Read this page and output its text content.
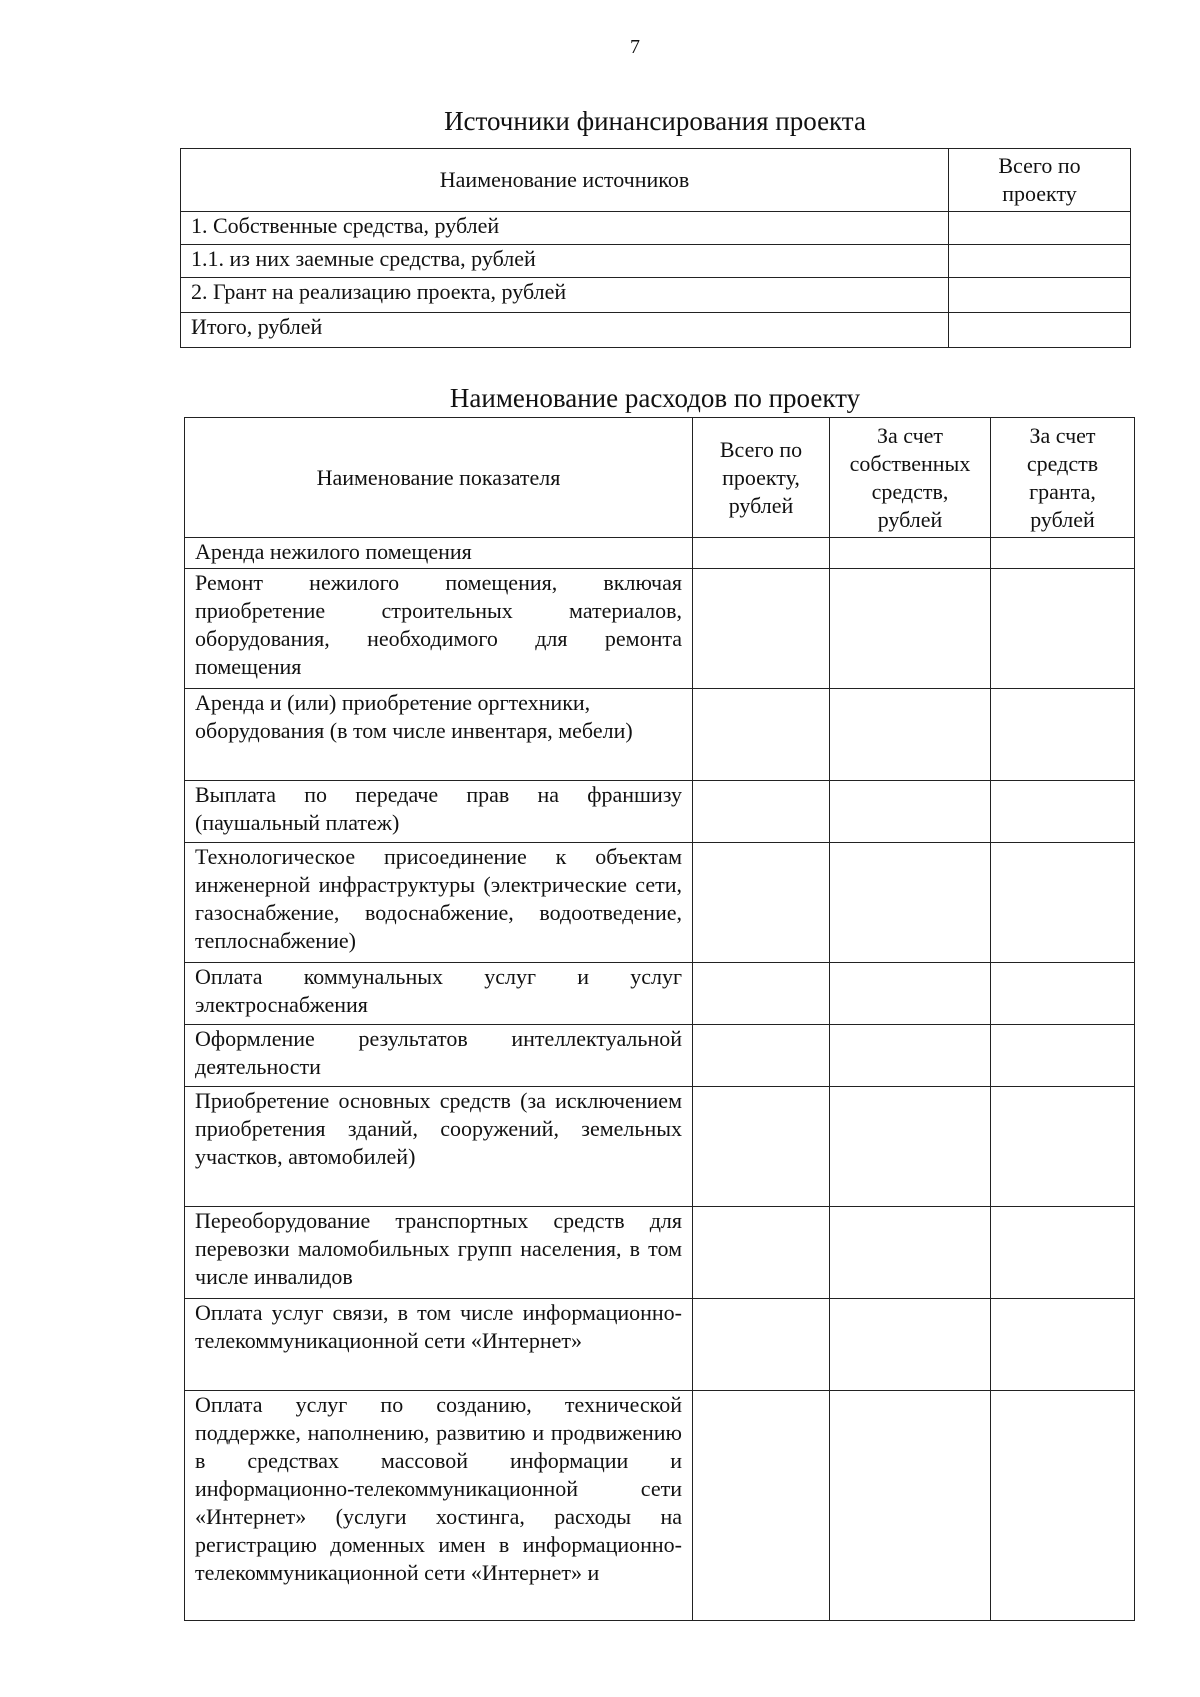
7
Источники финансирования проекта
Наименование источников	Всего по проекту
1. Собственные средства, рублей	
1.1. из них заемные средства, рублей	
2. Грант на реализацию проекта, рублей	
Итого, рублей	
Наименование расходов по проекту
Наименование показателя	Всего по проекту, рублей	За счет собственных средств, рублей	За счет средств гранта, рублей
Аренда нежилого помещения			
Ремонт нежилого помещения, включая приобретение строительных материалов, оборудования, необходимого для ремонта помещения			
Аренда и (или) приобретение оргтехники, оборудования (в том числе инвентаря, мебели)			
Выплата по передаче прав на франшизу (паушальный платеж)			
Технологическое присоединение к объектам инженерной инфраструктуры (электрические сети, газоснабжение, водоснабжение, водоотведение, теплоснабжение)			
Оплата коммунальных услуг и услуг электроснабжения			
Оформление результатов интеллектуальной деятельности			
Приобретение основных средств (за исключением приобретения зданий, сооружений, земельных участков, автомобилей)			
Переоборудование транспортных средств для перевозки маломобильных групп населения, в том числе инвалидов			
Оплата услуг связи, в том числе информационно-телекоммуникационной сети «Интернет»			
Оплата услуг по созданию, технической поддержке, наполнению, развитию и продвижению в средствах массовой информации и информационно-телекоммуникационной сети «Интернет» (услуги хостинга, расходы на регистрацию доменных имен в информационно-телекоммуникационной сети «Интернет» и			
